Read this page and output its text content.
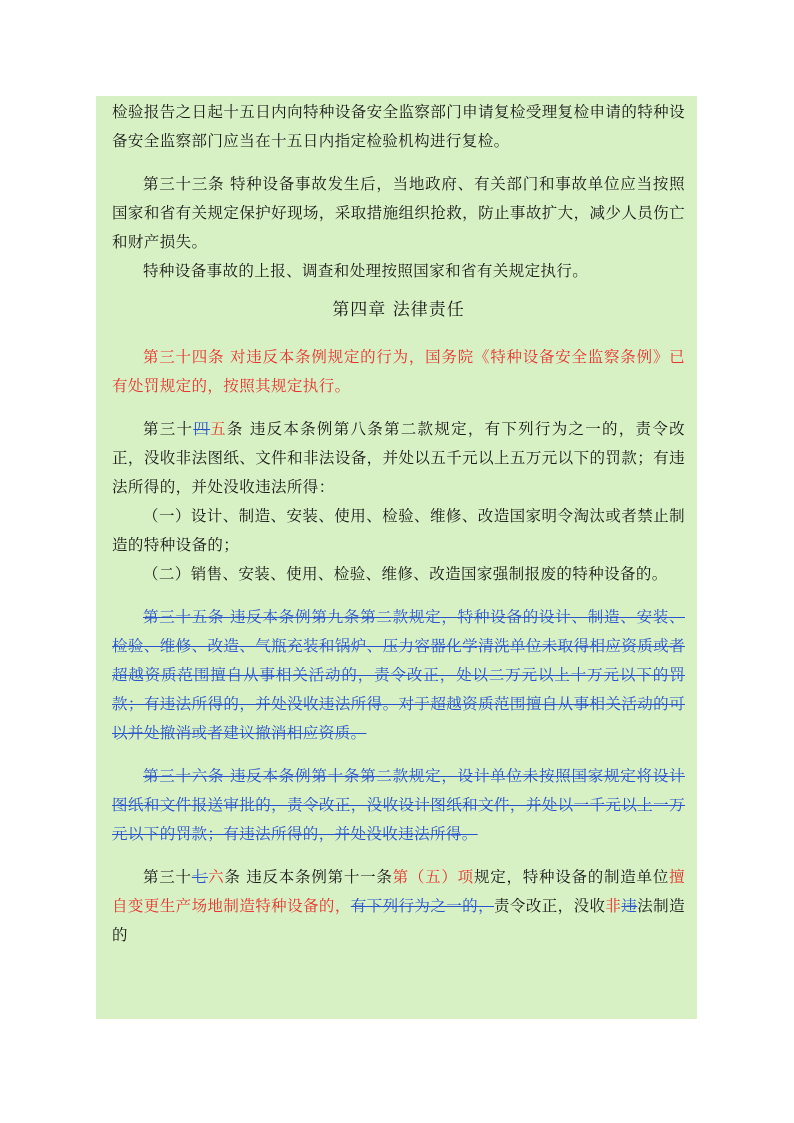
检验报告之日起十五日内向特种设备安全监察部门申请复检受理复检申请的特种设备安全监察部门应当在十五日内指定检验机构进行复检。

第三十三条 特种设备事故发生后，当地政府、有关部门和事故单位应当按照国家和省有关规定保护好现场，采取措施组织抢救，防止事故扩大，减少人员伤亡和财产损失。

特种设备事故的上报、调查和处理按照国家和省有关规定执行。

第四章 法律责任

第三十四条 对违反本条例规定的行为，国务院《特种设备安全监察条例》已有处罚规定的，按照其规定执行。

第三十四五条 违反本条例第八条第二款规定，有下列行为之一的，责令改正，没收非法图纸、文件和非法设备，并处以五千元以上五万元以下的罚款；有违法所得的，并处没收违法所得：

（一）设计、制造、安装、使用、检验、维修、改造国家明令淘汰或者禁止制造的特种设备的；

（二）销售、安装、使用、检验、维修、改造国家强制报废的特种设备的。

第三十五条 违反本条例第九条第二款规定，特种设备的设计、制造、安装、检验、维修、改造、气瓶充装和锅炉、压力容器化学清洗单位未取得相应资质或者超越资质范围擅自从事相关活动的，责令改正，处以二万元以上十万元以下的罚款；有违法所得的，并处没收违法所得。对于超越资质范围擅自从事相关活动的可以并处撤消或者建议撤消相应资质。

第三十六条 违反本条例第十条第二款规定，设计单位未按照国家规定将设计图纸和文件报送审批的，责令改正，没收设计图纸和文件，并处以一千元以上一万元以下的罚款；有违法所得的，并处没收违法所得。

第三十七六条 违反本条例第十一条第（五）项规定，特种设备的制造单位擅自变更生产场地制造特种设备的，有下列行为之一的，责令改正，没收非违法制造的
